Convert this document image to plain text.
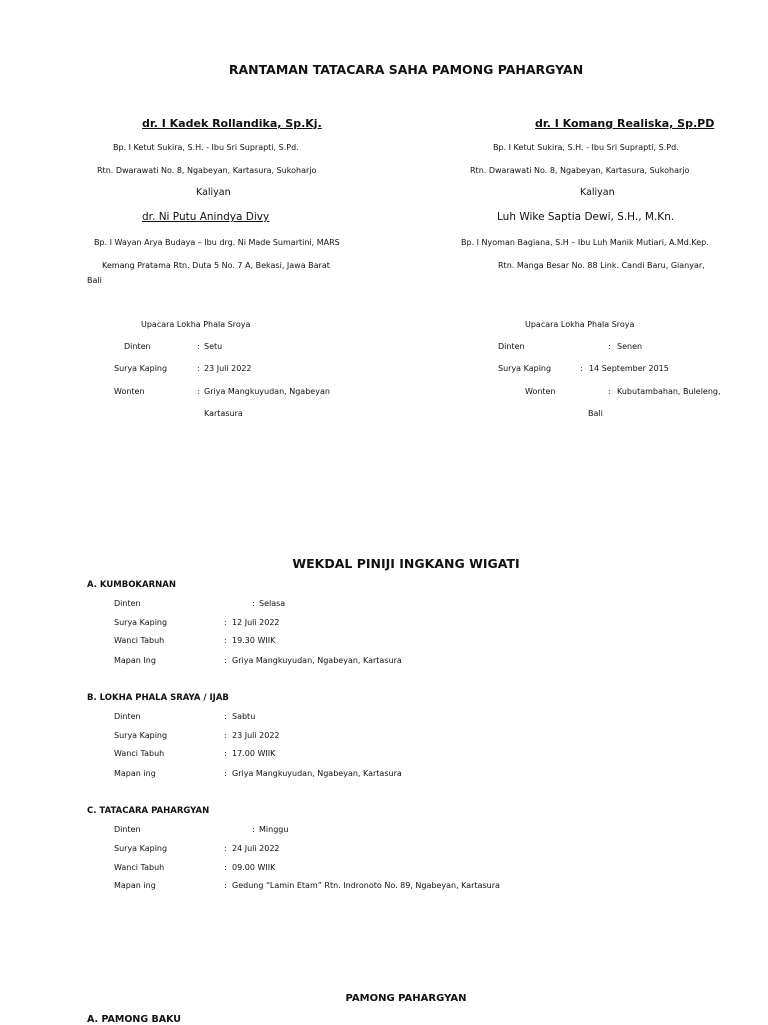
RANTAMAN TATACARA SAHA PAMONG PAHARGYAN
dr. I Kadek Rollandika, Sp.Kj.
Bp. I Ketut Sukira, S.H. - Ibu Sri Suprapti, S.Pd.
Rtn. Dwarawati No. 8, Ngabeyan, Kartasura, Sukoharjo
Kaliyan
dr. Ni Putu Anindya Divy
Bp. I Wayan Arya Budaya – Ibu drg. Ni Made Sumartini, MARS
Kemang Pratama Rtn. Duta 5 No. 7 A, Bekasi, Jawa Barat
Bali
Upacara Lokha Phala Sroya
Dinten	: Setu
Surya Kaping	: 23 Juli 2022
Wonten	: Griya Mangkuyudan, Ngabeyan
Kartasura
dr. I Komang Realiska, Sp.PD
Bp. I Ketut Sukira, S.H. - Ibu Sri Suprapti, S.Pd.
Rtn. Dwarawati No. 8, Ngabeyan, Kartasura, Sukoharjo
Kaliyan
Luh Wike Saptia Dewi, S.H., M.Kn.
Bp. I Nyoman Bagiana, S.H – Ibu Luh Manik Mutiari, A.Md.Kep.
Rtn. Manga Besar No. 88 Link. Candi Baru, Gianyar,
Upacara Lokha Phala Sroya
Dinten	: Senen
Surya Kaping	: 14 September 2015
Wonten	: Kubutambahan, Buleleng,
Bali
WEKDAL PINIJI INGKANG WIGATI
A. KUMBOKARNAN
Dinten	: Selasa
Surya Kaping	: 12 Juli 2022
Wanci Tabuh	: 19.30 WIIK
Mapan Ing	: Griya Mangkuyudan, Ngabeyan, Kartasura
B. LOKHA PHALA SRAYA / IJAB
Dinten	: Sabtu
Surya Kaping	: 23 Juli 2022
Wanci Tabuh	: 17.00 WIIK
Mapan ing	: Griya Mangkuyudan, Ngabeyan, Kartasura
C. TATACARA PAHARGYAN
Dinten	: Minggu
Surya Kaping	: 24 Juli 2022
Wanci Tabuh	: 09.00 WIIK
Mapan ing	: Gedung “Lamin Etam” Rtn. Indronoto No. 89, Ngabeyan, Kartasura
PAMONG PAHARGYAN
A. PAMONG BAKU
